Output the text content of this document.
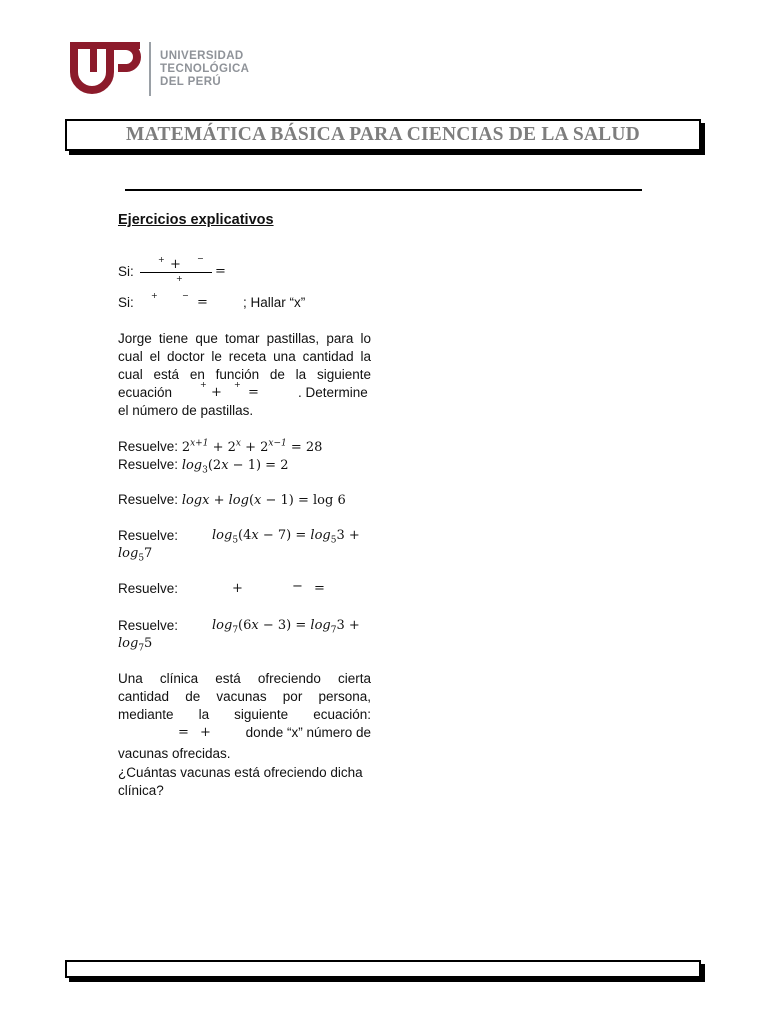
UNIVERSIDAD
TECNOLÓGICA
DEL PERÚ
MATEMÁTICA BÁSICA PARA CIENCIAS DE LA SALUD
Ejercicios explicativos
Si:
+ + −
+ =
Si:	+	− =	; Hallar “x”
Jorge tiene que tomar pastillas, para lo
cual el doctor le receta una cantidad la
cual está en función de la siguiente
ecuación
+
+
+
=	. Determine
el número de pastillas.
Resuelve: $2^{x+1} + 2^x + 2^{x-1} = 28$
Resuelve: $\log_3(2x - 1) = 2$
Resuelve: logx + log(x − 1) = log 6
Resuelve:	$\log_5(4x - 7) = \log_53$ +
$\log_57$
Resuelve:	+	− =
Resuelve:	$\log_7(6x - 3) = \log_73$ +
$\log_75$
Una clínica está ofreciendo cierta
cantidad de vacunas por persona,
mediante la siguiente ecuación:
= +	donde “x” número de
vacunas ofrecidas.
¿Cuántas vacunas está ofreciendo dicha
clínica?
